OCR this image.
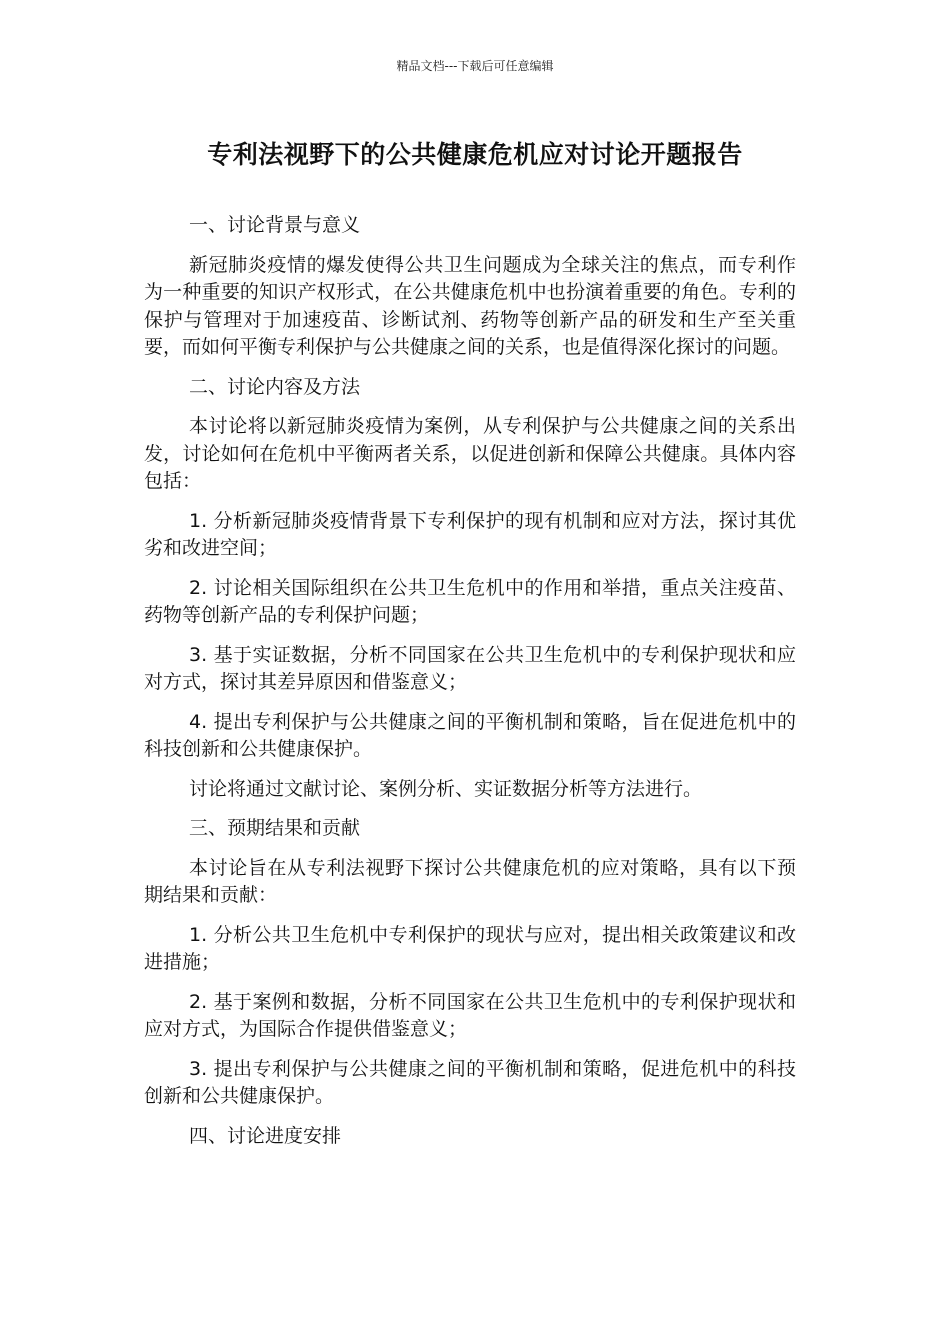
精品文档---下载后可任意编辑
专利法视野下的公共健康危机应对讨论开题报告

一、讨论背景与意义

新冠肺炎疫情的爆发使得公共卫生问题成为全球关注的焦点，而专利作为一种重要的知识产权形式，在公共健康危机中也扮演着重要的角色。专利的保护与管理对于加速疫苗、诊断试剂、药物等创新产品的研发和生产至关重要，而如何平衡专利保护与公共健康之间的关系，也是值得深化探讨的问题。

二、讨论内容及方法

本讨论将以新冠肺炎疫情为案例，从专利保护与公共健康之间的关系出发，讨论如何在危机中平衡两者关系，以促进创新和保障公共健康。具体内容包括：

1. 分析新冠肺炎疫情背景下专利保护的现有机制和应对方法，探讨其优劣和改进空间；

2. 讨论相关国际组织在公共卫生危机中的作用和举措，重点关注疫苗、药物等创新产品的专利保护问题；

3. 基于实证数据，分析不同国家在公共卫生危机中的专利保护现状和应对方式，探讨其差异原因和借鉴意义；

4. 提出专利保护与公共健康之间的平衡机制和策略，旨在促进危机中的科技创新和公共健康保护。

讨论将通过文献讨论、案例分析、实证数据分析等方法进行。

三、预期结果和贡献

本讨论旨在从专利法视野下探讨公共健康危机的应对策略，具有以下预期结果和贡献：

1. 分析公共卫生危机中专利保护的现状与应对，提出相关政策建议和改进措施；

2. 基于案例和数据，分析不同国家在公共卫生危机中的专利保护现状和应对方式，为国际合作提供借鉴意义；

3. 提出专利保护与公共健康之间的平衡机制和策略，促进危机中的科技创新和公共健康保护。

四、讨论进度安排
